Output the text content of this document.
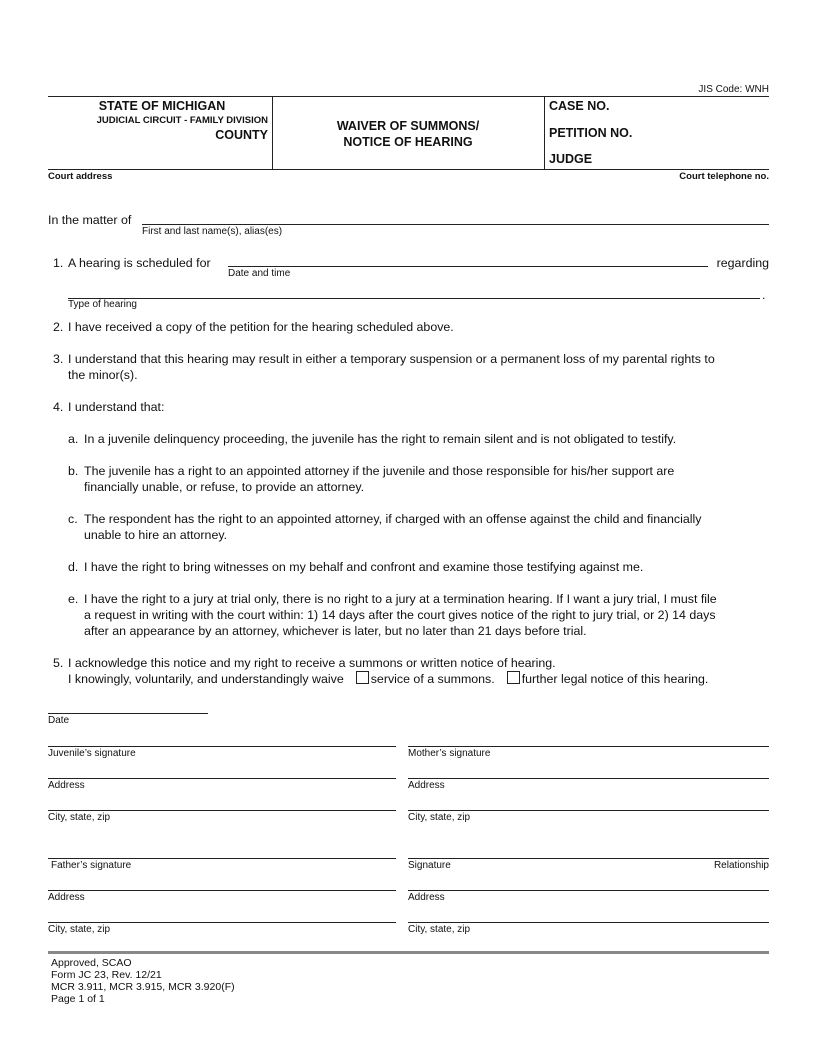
JIS Code: WNH
STATE OF MICHIGAN
JUDICIAL CIRCUIT - FAMILY DIVISION
COUNTY
WAIVER OF SUMMONS/
NOTICE OF HEARING
CASE NO.
PETITION NO.
JUDGE
Court address	Court telephone no.
In the matter of
First and last name(s), alias(es)
1. A hearing is scheduled for	regarding
Date and time
.
Type of hearing
2. I have received a copy of the petition for the hearing scheduled above.
3. I understand that this hearing may result in either a temporary suspension or a permanent loss of my parental rights to
the minor(s).
4. I understand that:
a. In a juvenile delinquency proceeding, the juvenile has the right to remain silent and is not obligated to testify.
b. The juvenile has a right to an appointed attorney if the juvenile and those responsible for his/her support are
financially unable, or refuse, to provide an attorney.
c. The respondent has the right to an appointed attorney, if charged with an offense against the child and financially
unable to hire an attorney.
d. I have the right to bring witnesses on my behalf and confront and examine those testifying against me.
e. I have the right to a jury at trial only, there is no right to a jury at a termination hearing. If I want a jury trial, I must file
a request in writing with the court within: 1) 14 days after the court gives notice of the right to jury trial, or 2) 14 days
after an appearance by an attorney, whichever is later, but no later than 21 days before trial.
5. I acknowledge this notice and my right to receive a summons or written notice of hearing.
I knowingly, voluntarily, and understandingly waive service of a summons. further legal notice of this hearing.
Date
Juvenile’s signature	Mother’s signature
Address	Address
City, state, zip	City, state, zip
Father’s signature	Signature	Relationship
Address	Address
City, state, zip	City, state, zip
Approved, SCAO
Form JC 23, Rev. 12/21
MCR 3.911, MCR 3.915, MCR 3.920(F)
Page 1 of 1
